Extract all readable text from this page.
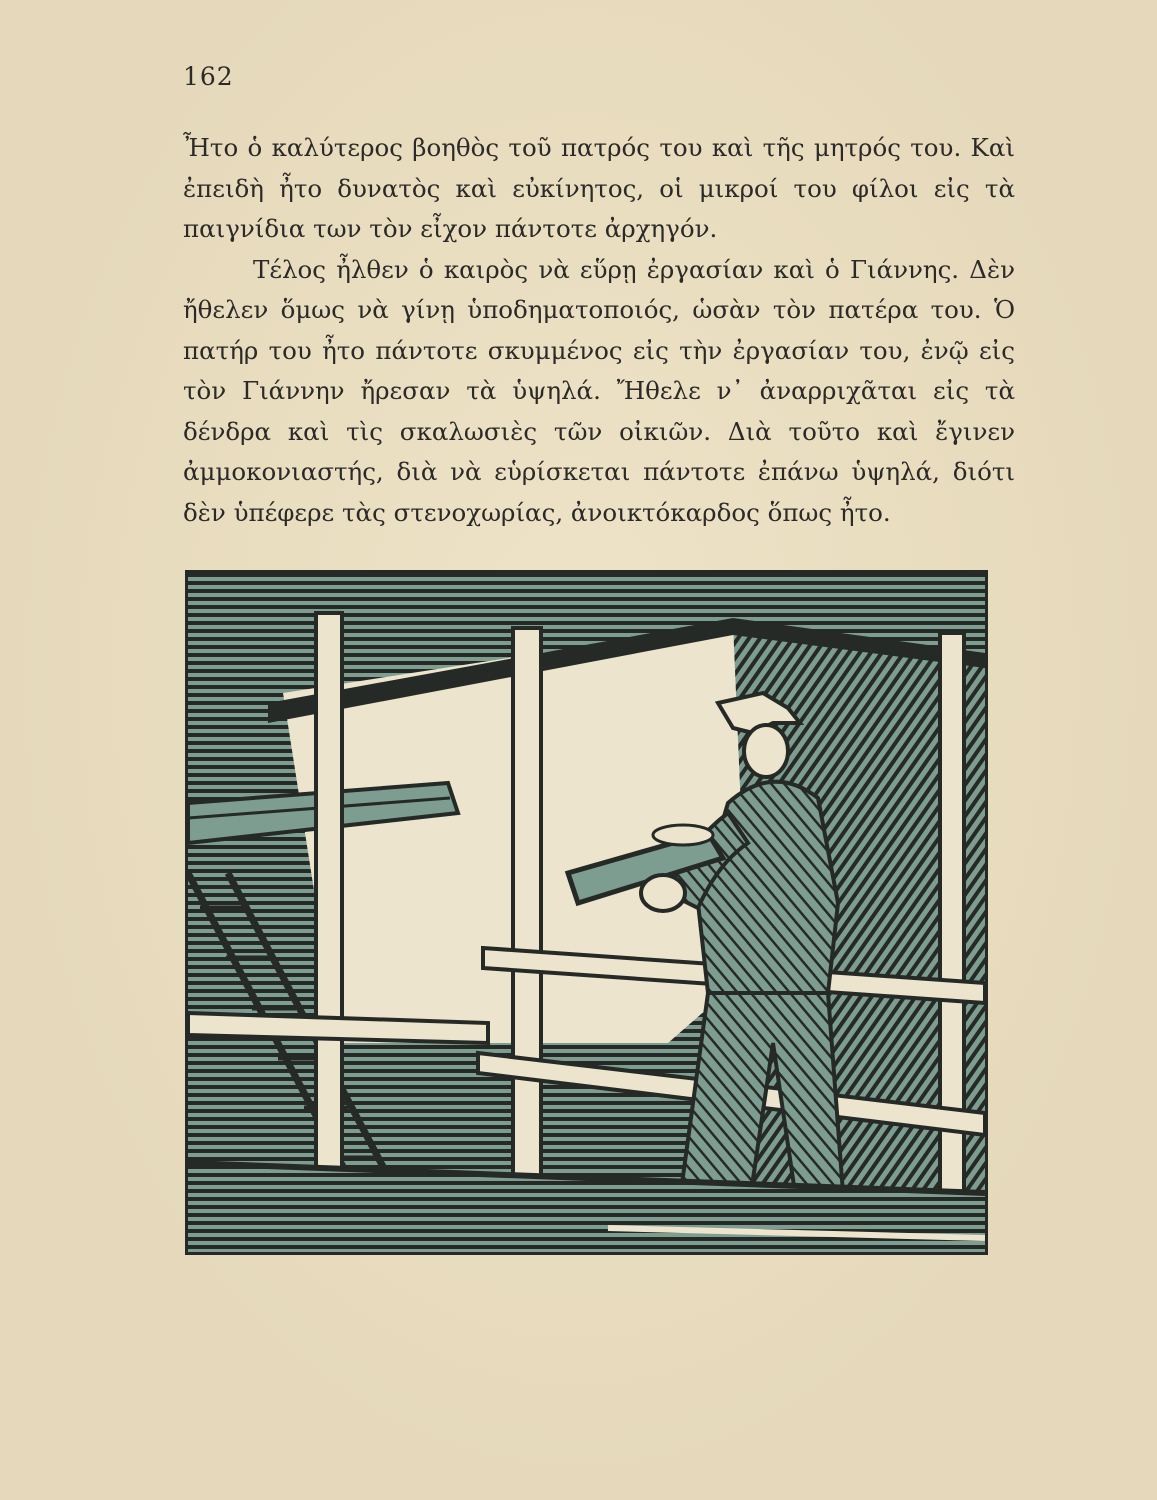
162

Ἦτο ὁ καλύτερος βοηθὸς τοῦ πατρός του καὶ τῆς μητρός του. Καὶ ἐπειδὴ ἦτο δυνατὸς καὶ εὐκίνητος, οἱ μικροί του φίλοι εἰς τὰ παιγνίδια των τὸν εἶχον πάντοτε ἀρχηγόν.

Τέλος ἦλθεν ὁ καιρὸς νὰ εὕρῃ ἐργασίαν καὶ ὁ Γιάννης. Δὲν ἤθελεν ὅμως νὰ γίνῃ ὑποδηματοποιός, ὡσὰν τὸν πατέρα του. Ὁ πατήρ του ἦτο πάντοτε σκυμμένος εἰς τὴν ἐργασίαν του, ἐνῷ εἰς τὸν Γιάννην ἤρεσαν τὰ ὑψηλά. Ἤθελε ν᾽ ἀναρριχᾶται εἰς τὰ δένδρα καὶ τὶς σκαλωσιὲς τῶν οἰκιῶν. Διὰ τοῦτο καὶ ἔγινεν ἀμμοκονιαστής, διὰ νὰ εὑρίσκεται πάντοτε ἐπάνω ὑψηλά, διότι δὲν ὑπέφερε τὰς στενοχωρίας, ἀνοικτόκαρδος ὅπως ἦτο.
